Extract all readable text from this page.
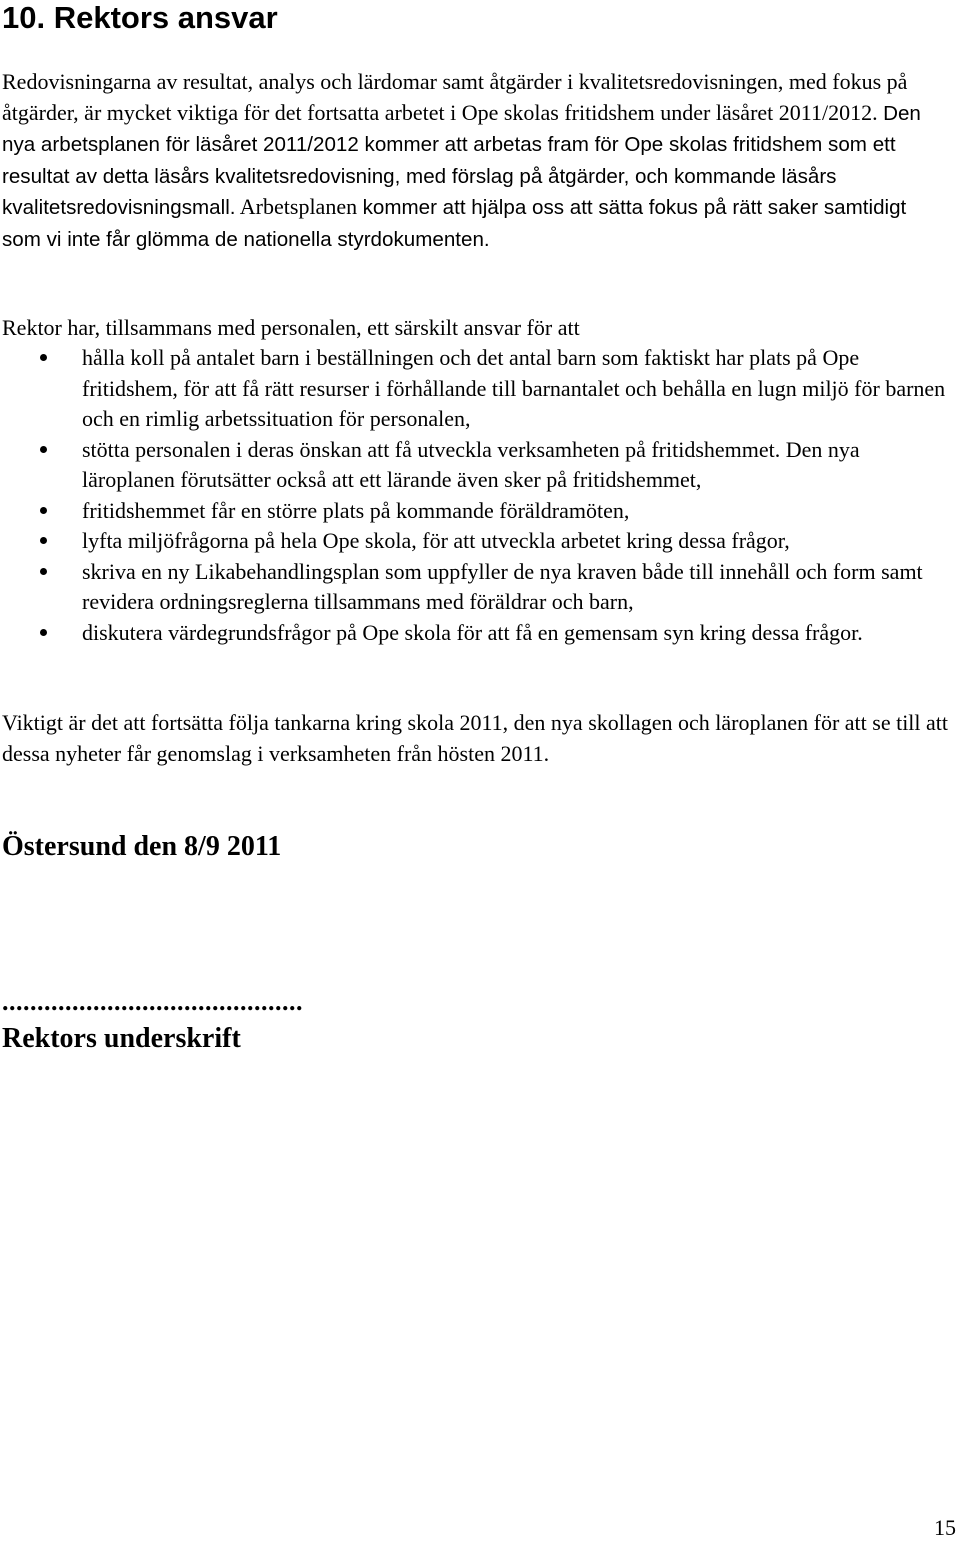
10. Rektors ansvar

Redovisningarna av resultat, analys och lärdomar samt åtgärder i kvalitetsredovisningen, med fokus på åtgärder, är mycket viktiga för det fortsatta arbetet i Ope skolas fritidshem under läsåret 2011/2012. Den nya arbetsplanen för läsåret 2011/2012 kommer att arbetas fram för Ope skolas fritidshem som ett resultat av detta läsårs kvalitetsredovisning, med förslag på åtgärder, och kommande läsårs kvalitetsredovisningsmall. Arbetsplanen kommer att hjälpa oss att sätta fokus på rätt saker samtidigt som vi inte får glömma de nationella styrdokumenten.

Rektor har, tillsammans med personalen, ett särskilt ansvar för att

hålla koll på antalet barn i beställningen och det antal barn som faktiskt har plats på Ope fritidshem, för att få rätt resurser i förhållande till barnantalet och behålla en lugn miljö för barnen och en rimlig arbetssituation för personalen,
stötta personalen i deras önskan att få utveckla verksamheten på fritidshemmet. Den nya läroplanen förutsätter också att ett lärande även sker på fritidshemmet,
fritidshemmet får en större plats på kommande föräldramöten,
lyfta miljöfrågorna på hela Ope skola, för att utveckla arbetet kring dessa frågor,
skriva en ny Likabehandlingsplan som uppfyller de nya kraven både till innehåll och form samt revidera ordningsreglerna tillsammans med föräldrar och barn,
diskutera värdegrundsfrågor på Ope skola för att få en gemensam syn kring dessa frågor.

Viktigt är det att fortsätta följa tankarna kring skola 2011, den nya skollagen och läroplanen för att se till att dessa nyheter får genomslag i verksamheten från hösten 2011.

Östersund den 8/9 2011

...........................................

Rektors underskrift

15
